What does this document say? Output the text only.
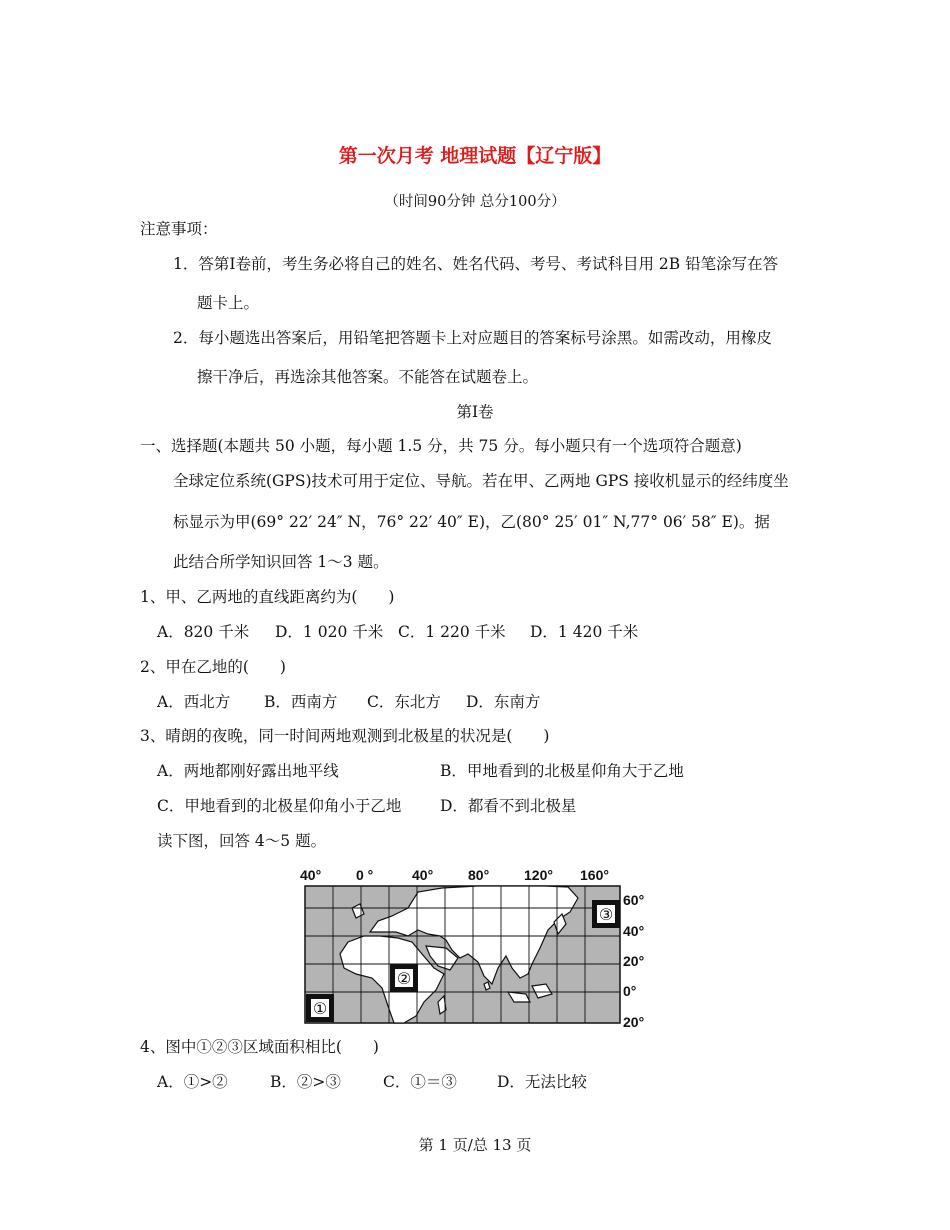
第一次月考 地理试题【辽宁版】
（时间90分钟 总分100分）
注意事项：
1．答第Ⅰ卷前，考生务必将自己的姓名、姓名代码、考号、考试科目用 2B 铅笔涂写在答
题卡上。
2．每小题选出答案后，用铅笔把答题卡上对应题目的答案标号涂黑。如需改动，用橡皮
擦干净后，再选涂其他答案。不能答在试题卷上。
第Ⅰ卷
一、选择题(本题共 50 小题，每小题 1.5 分，共 75 分。每小题只有一个选项符合题意)
全球定位系统(GPS)技术可用于定位、导航。若在甲、乙两地 GPS 接收机显示的经纬度坐
标显示为甲(69° 22′ 24″ N，76° 22′ 40″ E)，乙(80° 25′ 01″ N,77° 06′ 58″ E)。据
此结合所学知识回答 1～3 题。
1、甲、乙两地的直线距离约为(　　)
A．820 千米 D．1 020 千米 C．1 220 千米 D．1 420 千米
2、甲在乙地的(　　)
A．西北方 B．西南方 C．东北方 D．东南方
3、晴朗的夜晚，同一时间两地观测到北极星的状况是(　　)
A．两地都刚好露出地平线	B．甲地看到的北极星仰角大于乙地
C．甲地看到的北极星仰角小于乙地 D．都看不到北极星
读下图，回答 4～5 题。
40° 0 °	40° 80° 120° 160°
③
②
①
60°
40°
20°
0°
20°
4、图中①②③区域面积相比(　　)
A．①>②	B．②>③	C．①＝③	D．无法比较
第 1 页/总 13 页
